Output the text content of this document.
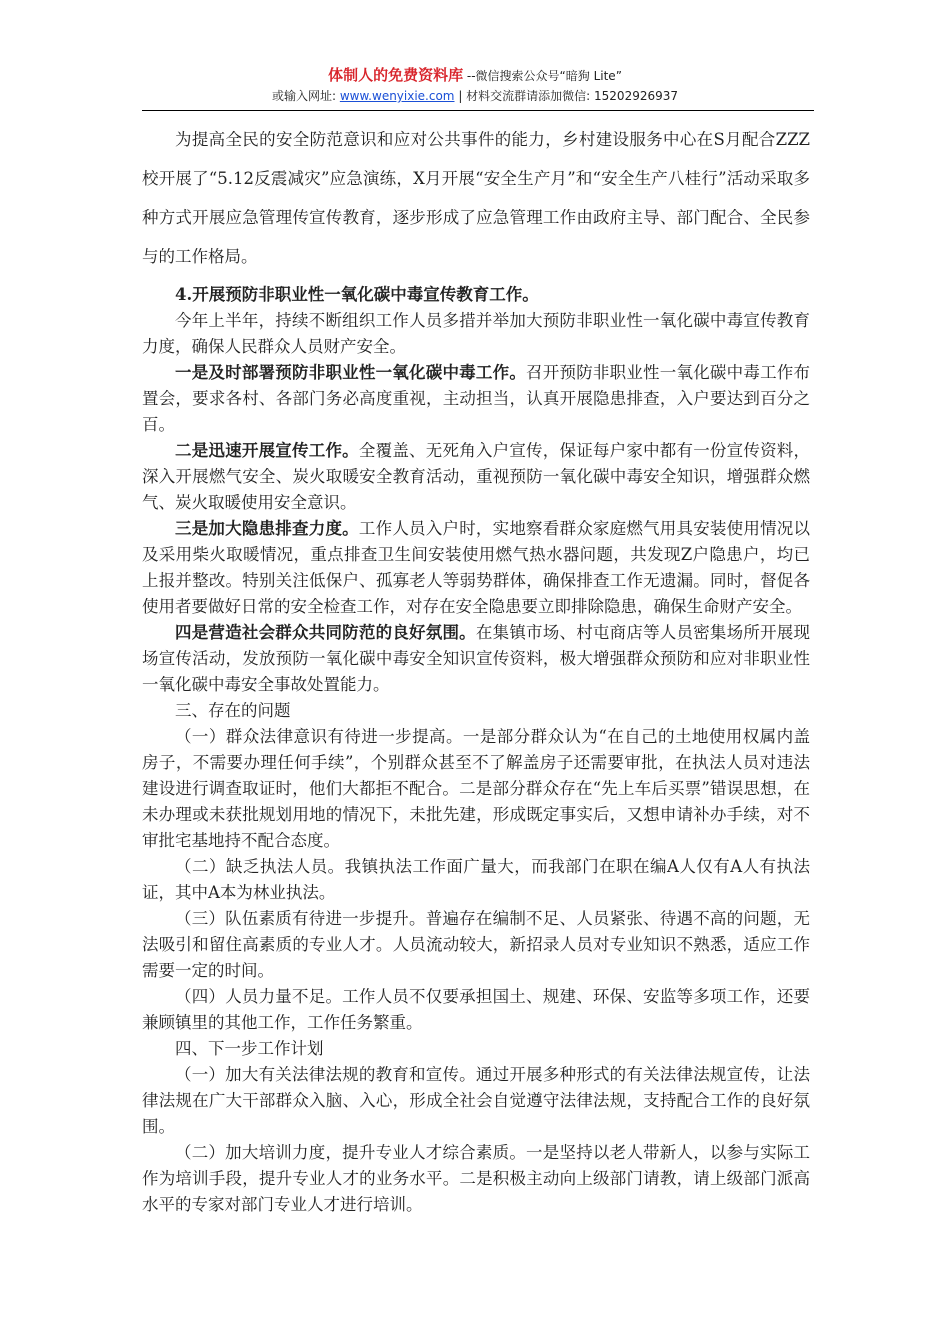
体制人的免费资料库 --微信搜索公众号“暗狗 Lite”
或输入网址: www.wenyixie.com | 材料交流群请添加微信: 15202926937

为提高全民的安全防范意识和应对公共事件的能力，乡村建设服务中心在S月配合ZZZ校开展了“5.12反震减灾”应急演练，X月开展“安全生产月”和“安全生产八桂行”活动采取多种方式开展应急管理传宣传教育，逐步形成了应急管理工作由政府主导、部门配合、全民参与的工作格局。

4.开展预防非职业性一氧化碳中毒宣传教育工作。

今年上半年，持续不断组织工作人员多措并举加大预防非职业性一氧化碳中毒宣传教育力度，确保人民群众人员财产安全。

一是及时部署预防非职业性一氧化碳中毒工作。召开预防非职业性一氧化碳中毒工作布置会，要求各村、各部门务必高度重视，主动担当，认真开展隐患排查，入户要达到百分之百。

二是迅速开展宣传工作。全覆盖、无死角入户宣传，保证每户家中都有一份宣传资料，深入开展燃气安全、炭火取暖安全教育活动，重视预防一氧化碳中毒安全知识，增强群众燃气、炭火取暖使用安全意识。

三是加大隐患排查力度。工作人员入户时，实地察看群众家庭燃气用具安装使用情况以及采用柴火取暖情况，重点排查卫生间安装使用燃气热水器问题，共发现Z户隐患户，均已上报并整改。特别关注低保户、孤寡老人等弱势群体，确保排查工作无遗漏。同时，督促各使用者要做好日常的安全检查工作，对存在安全隐患要立即排除隐患，确保生命财产安全。

四是营造社会群众共同防范的良好氛围。在集镇市场、村屯商店等人员密集场所开展现场宣传活动，发放预防一氧化碳中毒安全知识宣传资料，极大增强群众预防和应对非职业性一氧化碳中毒安全事故处置能力。

三、存在的问题

（一）群众法律意识有待进一步提高。一是部分群众认为“在自己的土地使用权属内盖房子，不需要办理任何手续”，个别群众甚至不了解盖房子还需要审批，在执法人员对违法建设进行调查取证时，他们大都拒不配合。二是部分群众存在“先上车后买票”错误思想，在未办理或未获批规划用地的情况下，未批先建，形成既定事实后，又想申请补办手续，对不审批宅基地持不配合态度。

（二）缺乏执法人员。我镇执法工作面广量大，而我部门在职在编A人仅有A人有执法证，其中A本为林业执法。

（三）队伍素质有待进一步提升。普遍存在编制不足、人员紧张、待遇不高的问题，无法吸引和留住高素质的专业人才。人员流动较大，新招录人员对专业知识不熟悉，适应工作需要一定的时间。

（四）人员力量不足。工作人员不仅要承担国土、规建、环保、安监等多项工作，还要兼顾镇里的其他工作，工作任务繁重。

四、下一步工作计划

（一）加大有关法律法规的教育和宣传。通过开展多种形式的有关法律法规宣传，让法律法规在广大干部群众入脑、入心，形成全社会自觉遵守法律法规，支持配合工作的良好氛围。

（二）加大培训力度，提升专业人才综合素质。一是坚持以老人带新人，以参与实际工作为培训手段，提升专业人才的业务水平。二是积极主动向上级部门请教，请上级部门派高水平的专家对部门专业人才进行培训。
